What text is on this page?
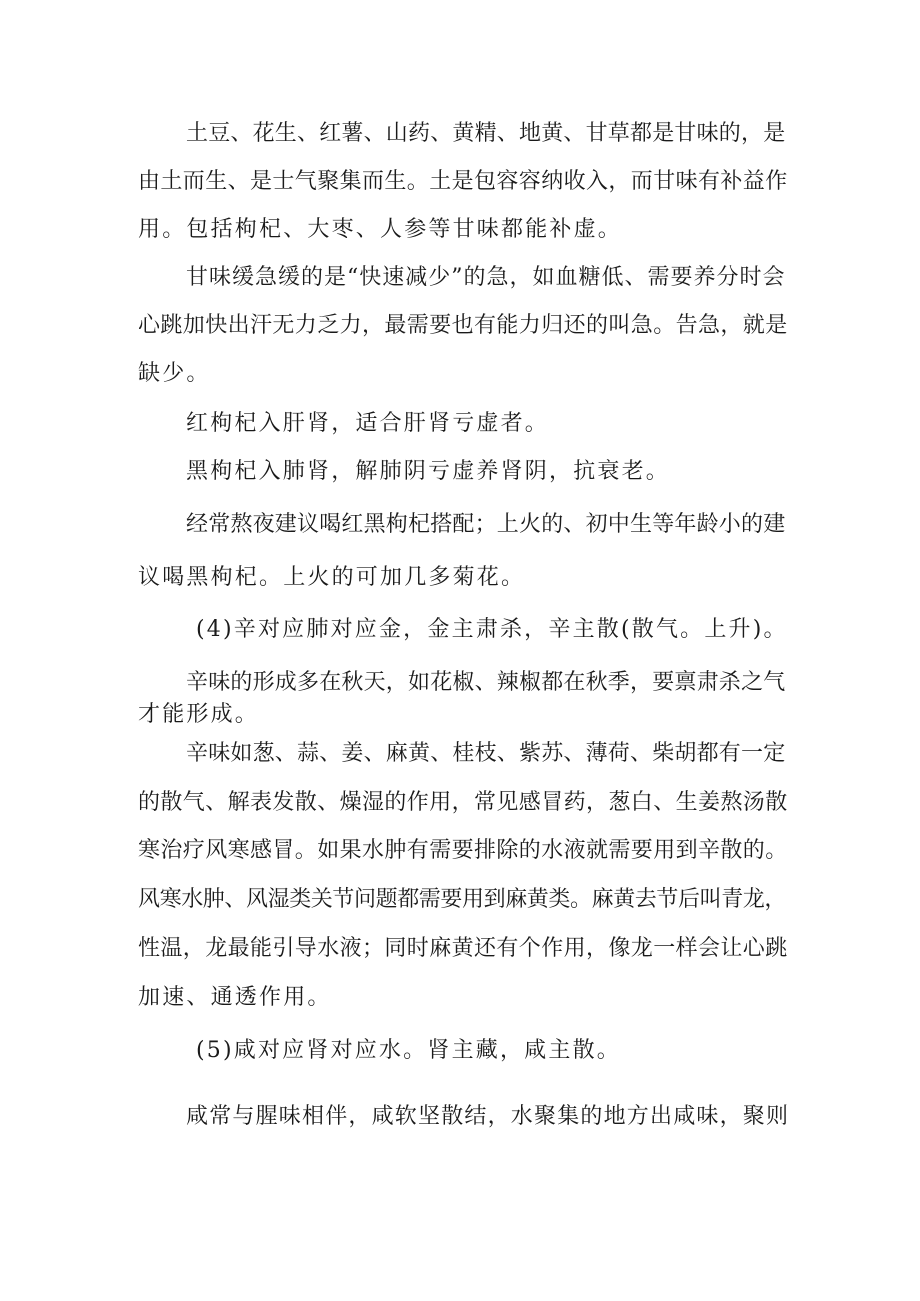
土豆、花生、红薯、山药、黄精、地黄、甘草都是甘味的，是
由土而生、是士气聚集而生。土是包容容纳收入，而甘味有补益作
用。包括枸杞、大枣、人参等甘味都能补虚。
甘味缓急缓的是“快速减少”的急，如血糖低、需要养分时会
心跳加快出汗无力乏力，最需要也有能力归还的叫急。告急，就是
缺少。
红枸杞入肝肾，适合肝肾亏虚者。
黑枸杞入肺肾，解肺阴亏虚养肾阴，抗衰老。
经常熬夜建议喝红黑枸杞搭配；上火的、初中生等年龄小的建
议喝黑枸杞。上火的可加几多菊花。
(4)辛对应肺对应金，金主肃杀，辛主散(散气。上升)。
辛味的形成多在秋天，如花椒、辣椒都在秋季，要禀肃杀之气
才能形成。
辛味如葱、蒜、姜、麻黄、桂枝、紫苏、薄荷、柴胡都有一定
的散气、解表发散、燥湿的作用，常见感冒药，葱白、生姜熬汤散
寒治疗风寒感冒。如果水肿有需要排除的水液就需要用到辛散的。
风寒水肿、风湿类关节问题都需要用到麻黄类。麻黄去节后叫青龙，
性温，龙最能引导水液；同时麻黄还有个作用，像龙一样会让心跳
加速、通透作用。
(5)咸对应肾对应水。肾主藏，咸主散。
咸常与腥味相伴，咸软坚散结，水聚集的地方出咸味，聚则
